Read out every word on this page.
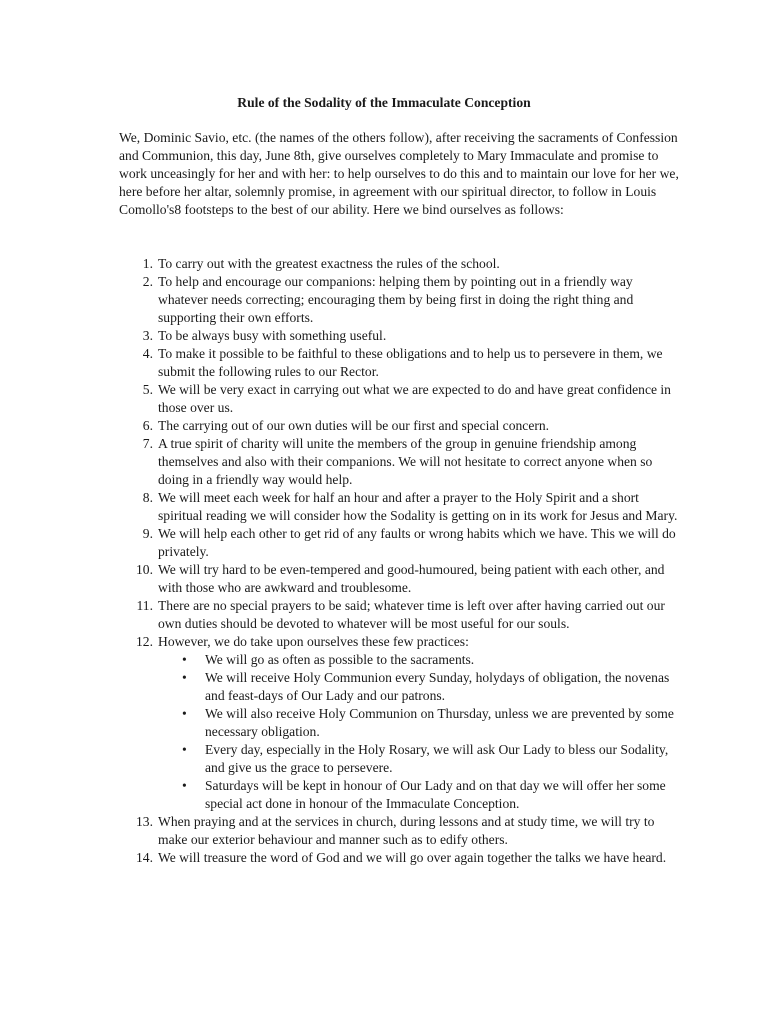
Rule of the Sodality of the Immaculate Conception
We, Dominic Savio, etc. (the names of the others follow), after receiving the sacraments of Confession and Communion, this day, June 8th, give ourselves completely to Mary Immaculate and promise to work unceasingly for her and with her: to help ourselves to do this and to maintain our love for her we, here before her altar, solemnly promise, in agreement with our spiritual director, to follow in Louis Comollo's8 footsteps to the best of our ability. Here we bind ourselves as follows:
1. To carry out with the greatest exactness the rules of the school.
2. To help and encourage our companions: helping them by pointing out in a friendly way whatever needs correcting; encouraging them by being first in doing the right thing and supporting their own efforts.
3. To be always busy with something useful.
4. To make it possible to be faithful to these obligations and to help us to persevere in them, we submit the following rules to our Rector.
5. We will be very exact in carrying out what we are expected to do and have great confidence in those over us.
6. The carrying out of our own duties will be our first and special concern.
7. A true spirit of charity will unite the members of the group in genuine friendship among themselves and also with their companions. We will not hesitate to correct anyone when so doing in a friendly way would help.
8. We will meet each week for half an hour and after a prayer to the Holy Spirit and a short spiritual reading we will consider how the Sodality is getting on in its work for Jesus and Mary.
9. We will help each other to get rid of any faults or wrong habits which we have. This we will do privately.
10. We will try hard to be even-tempered and good-humoured, being patient with each other, and with those who are awkward and troublesome.
11. There are no special prayers to be said; whatever time is left over after having carried out our own duties should be devoted to whatever will be most useful for our souls.
12. However, we do take upon ourselves these few practices:
• We will go as often as possible to the sacraments.
• We will receive Holy Communion every Sunday, holydays of obligation, the novenas and feast-days of Our Lady and our patrons.
• We will also receive Holy Communion on Thursday, unless we are prevented by some necessary obligation.
• Every day, especially in the Holy Rosary, we will ask Our Lady to bless our Sodality, and give us the grace to persevere.
• Saturdays will be kept in honour of Our Lady and on that day we will offer her some special act done in honour of the Immaculate Conception.
13. When praying and at the services in church, during lessons and at study time, we will try to make our exterior behaviour and manner such as to edify others.
14. We will treasure the word of God and we will go over again together the talks we have heard.
